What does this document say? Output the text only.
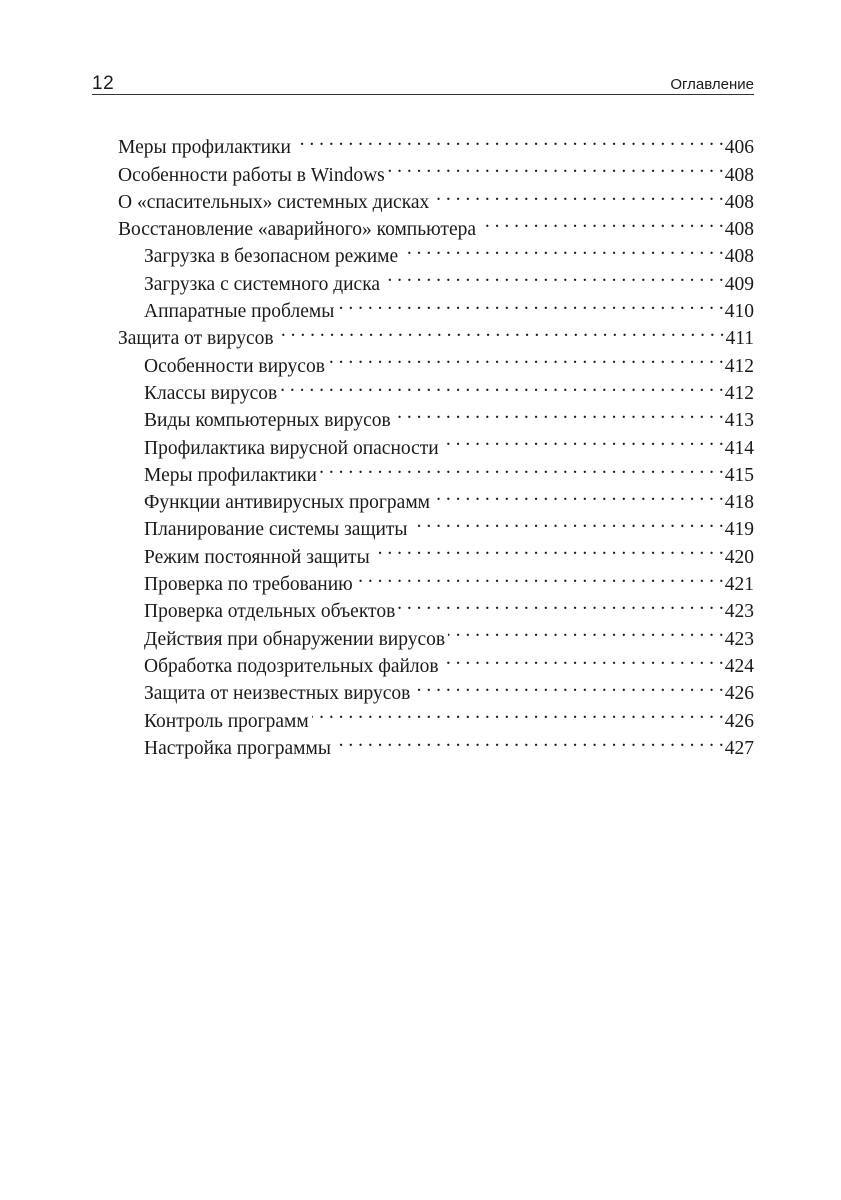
12	Оглавление
Меры профилактики . . .	406
Особенности работы в Windows . . .	408
О «спасительных» системных дисках . . .	408
Восстановление «аварийного» компьютера . . .	408
Загрузка в безопасном режиме . . .	408
Загрузка с системного диска . . .	409
Аппаратные проблемы . . .	410
Защита от вирусов . . .	411
Особенности вирусов . . .	412
Классы вирусов . . .	412
Виды компьютерных вирусов . . .	413
Профилактика вирусной опасности . . .	414
Меры профилактики . . .	415
Функции антивирусных программ . . .	418
Планирование системы защиты . . .	419
Режим постоянной защиты . . .	420
Проверка по требованию . . .	421
Проверка отдельных объектов . . .	423
Действия при обнаружении вирусов . . .	423
Обработка подозрительных файлов . . .	424
Защита от неизвестных вирусов . . .	426
Контроль программ . . .	426
Настройка программы . . .	427
